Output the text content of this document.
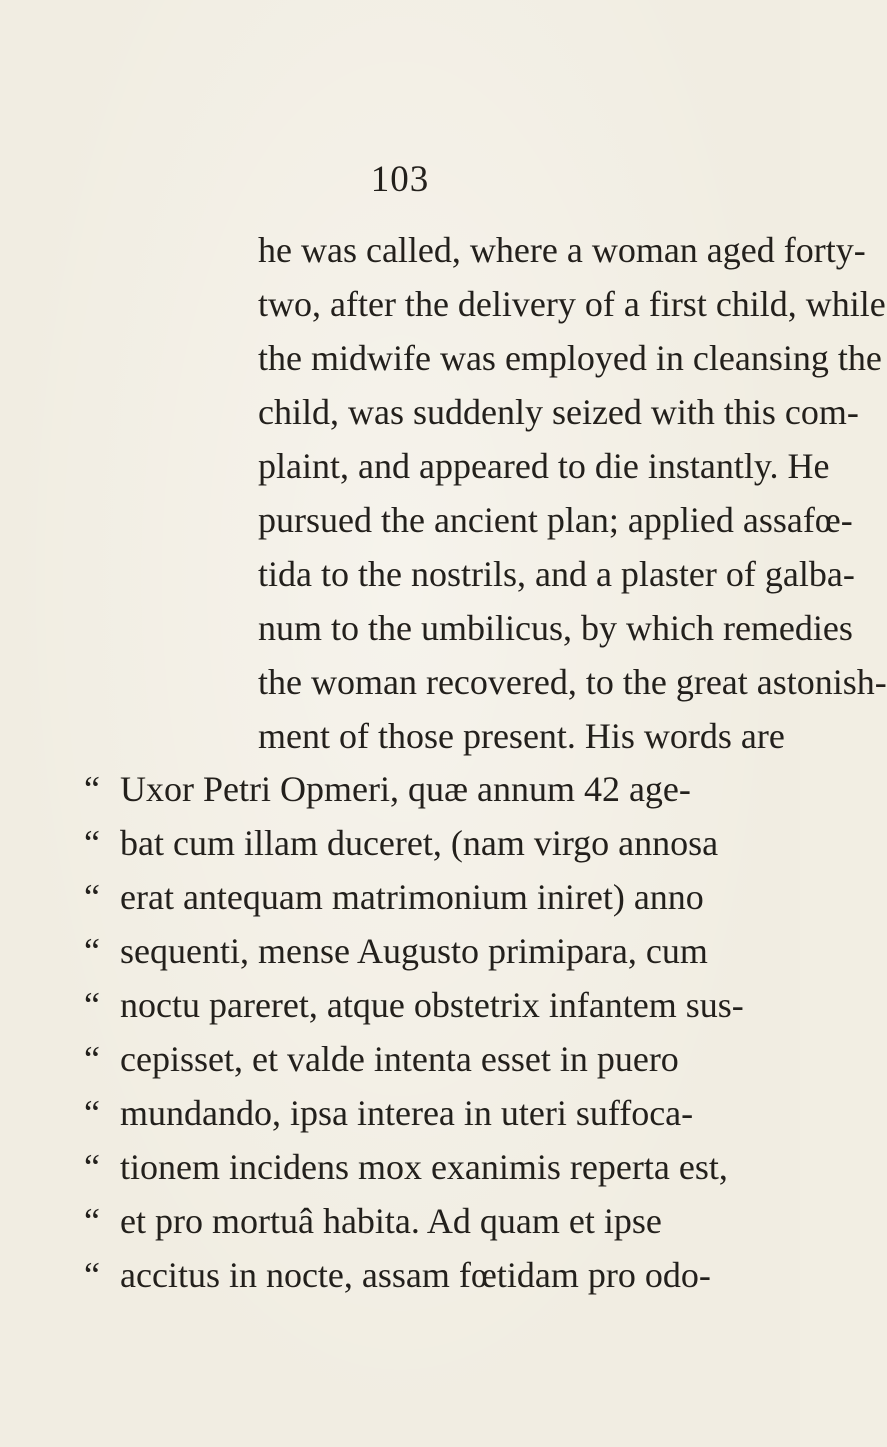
103
he was called, where a woman aged forty-
two, after the delivery of a first child, while
the midwife was employed in cleansing the
child, was suddenly seized with this com-
plaint, and appeared to die instantly. He
pursued the ancient plan; applied assafœ-
tida to the nostrils, and a plaster of galba-
num to the umbilicus, by which remedies
the woman recovered, to the great astonish-
ment of those present. His words are
“ Uxor Petri Opmeri, quæ annum 42 age-
“ bat cum illam duceret, (nam virgo annosa
“ erat antequam matrimonium iniret) anno
“ sequenti, mense Augusto primipara, cum
“ noctu pareret, atque obstetrix infantem sus-
“ cepisset, et valde intenta esset in puero
“ mundando, ipsa interea in uteri suffoca-
“ tionem incidens mox exanimis reperta est,
“ et pro mortuâ habita. Ad quam et ipse
“ accitus in nocte, assam fœtidam pro odo-
